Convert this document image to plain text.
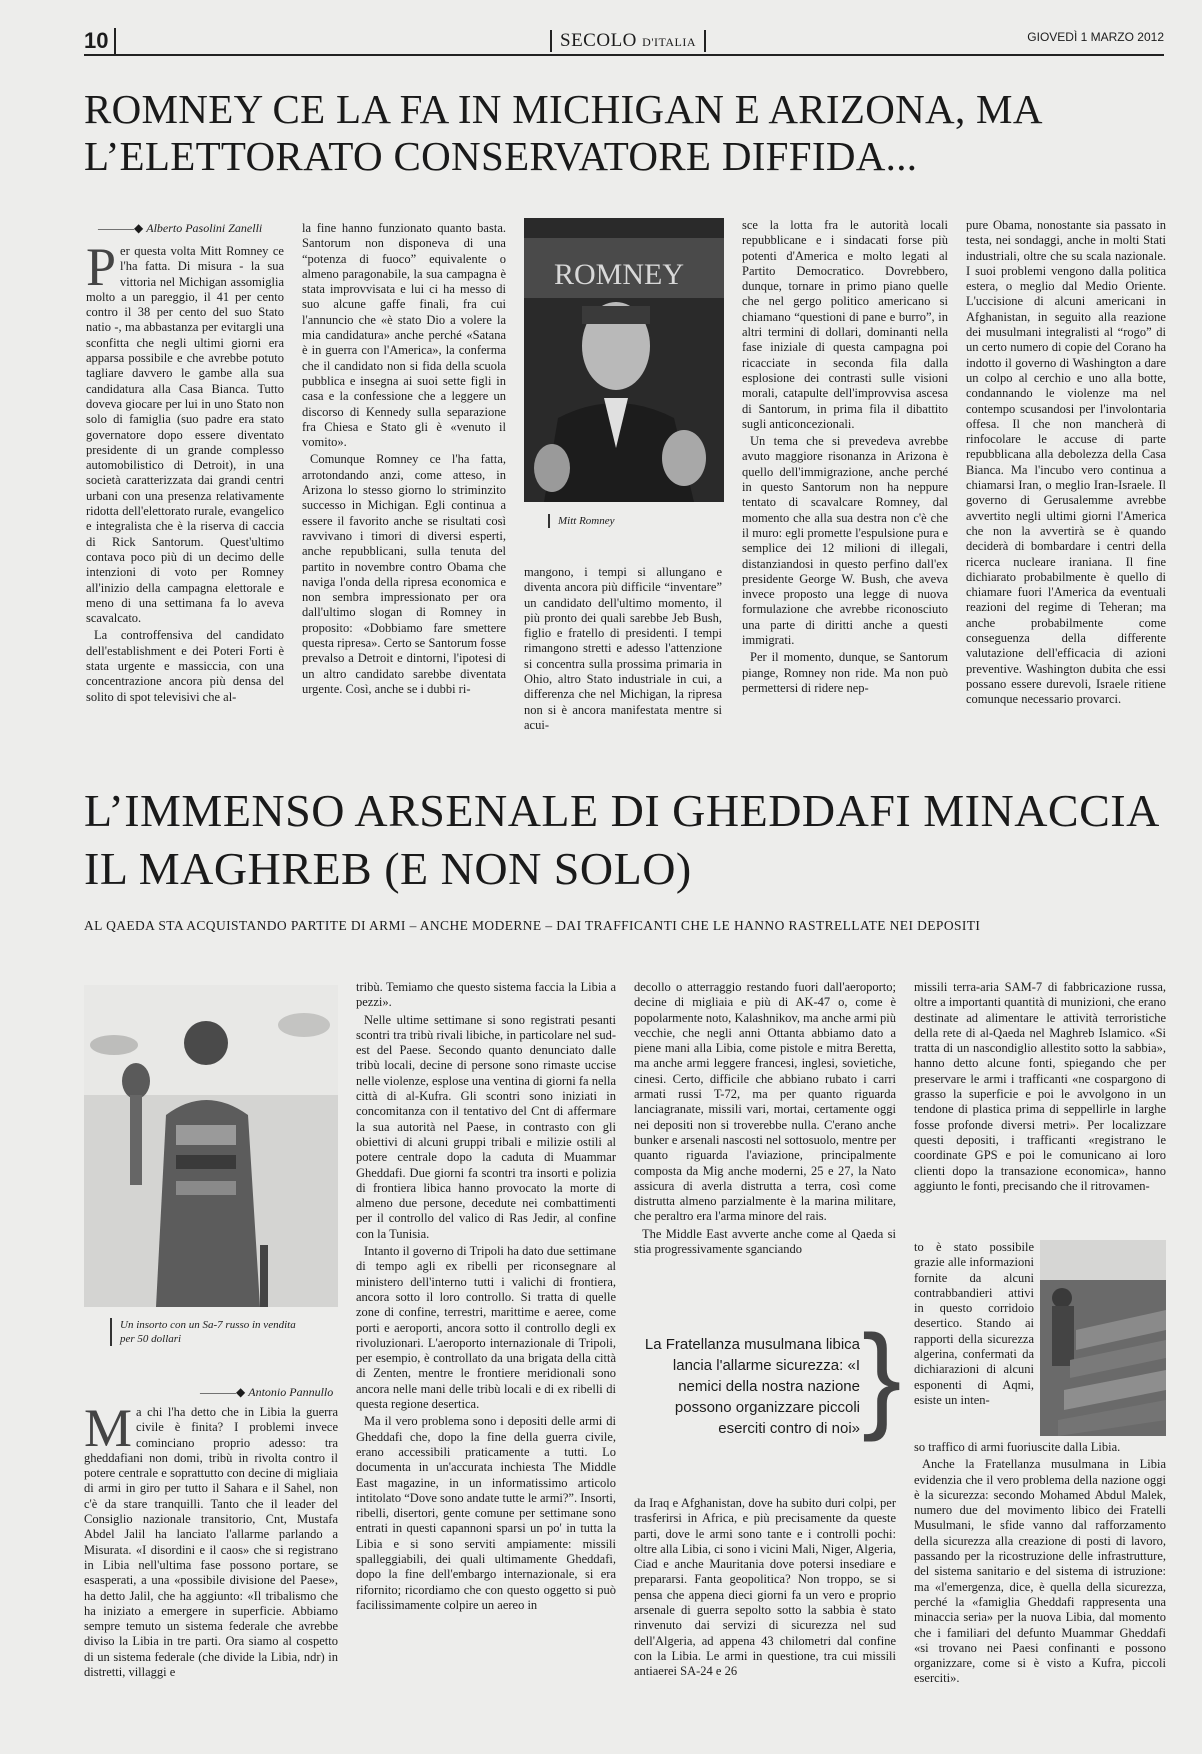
10	SECOLO D'ITALIA	GIOVEDÌ 1 MARZO 2012
ROMNEY CE LA FA IN MICHIGAN E ARIZONA, MA L’ELETTORATO CONSERVATORE DIFFIDA...
———◆ Alberto Pasolini Zanelli

Per questa volta Mitt Romney ce l'ha fatta. Di misura - la sua vittoria nel Michigan assomiglia molto a un pareggio, il 41 per cento contro il 38 per cento del suo Stato natio -, ma abbastanza per evitargli una sconfitta che negli ultimi giorni era apparsa possibile e che avrebbe potuto tagliare davvero le gambe alla sua candidatura alla Casa Bianca. Tutto doveva giocare per lui in uno Stato non solo di famiglia (suo padre era stato governatore dopo essere diventato presidente di un grande complesso automobilistico di Detroit), in una società caratterizzata dai grandi centri urbani con una presenza relativamente ridotta dell'elettorato rurale, evangelico e integralista che è la riserva di caccia di Rick Santorum. Quest'ultimo contava poco più di un decimo delle intenzioni di voto per Romney all'inizio della campagna elettorale e meno di una settimana fa lo aveva scavalcato.

La controffensiva del candidato dell'establishment e dei Poteri Forti è stata urgente e massiccia, con una concentrazione ancora più densa del solito di spot televisivi che al-

la fine hanno funzionato quanto basta. Santorum non disponeva di una “potenza di fuoco” equivalente o almeno paragonabile, la sua campagna è stata improvvisata e lui ci ha messo di suo alcune gaffe finali, fra cui l'annuncio che «è stato Dio a volere la mia candidatura» anche perché «Satana è in guerra con l'America», la conferma che il candidato non si fida della scuola pubblica e insegna ai suoi sette figli in casa e la confessione che a leggere un discorso di Kennedy sulla separazione fra Chiesa e Stato gli è «venuto il vomito».

Comunque Romney ce l'ha fatta, arrotondando anzi, come atteso, in Arizona lo stesso giorno lo striminzito successo in Michigan. Egli continua a essere il favorito anche se risultati così ravvivano i timori di diversi esperti, anche repubblicani, sulla tenuta del partito in novembre contro Obama che naviga l'onda della ripresa economica e non sembra impressionato per ora dall'ultimo slogan di Romney in proposito: «Dobbiamo fare smettere questa ripresa». Certo se Santorum fosse prevalso a Detroit e dintorni, l'ipotesi di un altro candidato sarebbe diventata urgente. Così, anche se i dubbi ri-

ROMNEY
Mitt Romney

mangono, i tempi si allungano e diventa ancora più difficile “inventare” un candidato dell'ultimo momento, il più pronto dei quali sarebbe Jeb Bush, figlio e fratello di presidenti. I tempi rimangono stretti e adesso l'attenzione si concentra sulla prossima primaria in Ohio, altro Stato industriale in cui, a differenza che nel Michigan, la ripresa non si è ancora manifestata mentre si acui-

sce la lotta fra le autorità locali repubblicane e i sindacati forse più potenti d'America e molto legati al Partito Democratico. Dovrebbero, dunque, tornare in primo piano quelle che nel gergo politico americano si chiamano “questioni di pane e burro”, in altri termini di dollari, dominanti nella fase iniziale di questa campagna poi ricacciate in seconda fila dalla esplosione dei contrasti sulle visioni morali, catapulte dell'improvvisa ascesa di Santorum, in prima fila il dibattito sugli anticoncezionali.

Un tema che si prevedeva avrebbe avuto maggiore risonanza in Arizona è quello dell'immigrazione, anche perché in questo Santorum non ha neppure tentato di scavalcare Romney, dal momento che alla sua destra non c'è che il muro: egli promette l'espulsione pura e semplice dei 12 milioni di illegali, distanziandosi in questo perfino dall'ex presidente George W. Bush, che aveva invece proposto una legge di nuova formulazione che avrebbe riconosciuto una parte di diritti anche a questi immigrati.

Per il momento, dunque, se Santorum piange, Romney non ride. Ma non può permettersi di ridere nep-

pure Obama, nonostante sia passato in testa, nei sondaggi, anche in molti Stati industriali, oltre che su scala nazionale. I suoi problemi vengono dalla politica estera, o meglio dal Medio Oriente. L'uccisione di alcuni americani in Afghanistan, in seguito alla reazione dei musulmani integralisti al “rogo” di un certo numero di copie del Corano ha indotto il governo di Washington a dare un colpo al cerchio e uno alla botte, condannando le violenze ma nel contempo scusandosi per l'involontaria offesa. Il che non mancherà di rinfocolare le accuse di parte repubblicana alla debolezza della Casa Bianca. Ma l'incubo vero continua a chiamarsi Iran, o meglio Iran-Israele. Il governo di Gerusalemme avrebbe avvertito negli ultimi giorni l'America che non la avvertirà se è quando deciderà di bombardare i centri della ricerca nucleare iraniana. Il fine dichiarato probabilmente è quello di chiamare fuori l'America da eventuali reazioni del regime di Teheran; ma anche probabilmente come conseguenza della differente valutazione dell'efficacia di azioni preventive. Washington dubita che essi possano essere durevoli, Israele ritiene comunque necessario provarci.

L’IMMENSO ARSENALE DI GHEDDAFI MINACCIA IL MAGHREB (E NON SOLO)
AL QAEDA STA ACQUISTANDO PARTITE DI ARMI – ANCHE MODERNE – DAI TRAFFICANTI CHE LE HANNO RASTRELLATE NEI DEPOSITI
Un insorto con un Sa-7 russo in vendita per 50 dollari
———◆ Antonio Pannullo

Ma chi l'ha detto che in Libia la guerra civile è finita? I problemi invece cominciano proprio adesso: tra gheddafiani non domi, tribù in rivolta contro il potere centrale e soprattutto con decine di migliaia di armi in giro per tutto il Sahara e il Sahel, non c'è da stare tranquilli. Tanto che il leader del Consiglio nazionale transitorio, Cnt, Mustafa Abdel Jalil ha lanciato l'allarme parlando a Misurata. «I disordini e il caos» che si registrano in Libia nell'ultima fase possono portare, se esasperati, a una «possibile divisione del Paese», ha detto Jalil, che ha aggiunto: «Il tribalismo che ha iniziato a emergere in superficie. Abbiamo sempre temuto un sistema federale che avrebbe diviso la Libia in tre parti. Ora siamo al cospetto di un sistema federale (che divide la Libia, ndr) in distretti, villaggi e

tribù. Temiamo che questo sistema faccia la Libia a pezzi».

Nelle ultime settimane si sono registrati pesanti scontri tra tribù rivali libiche, in particolare nel sud-est del Paese. Secondo quanto denunciato dalle tribù locali, decine di persone sono rimaste uccise nelle violenze, esplose una ventina di giorni fa nella città di al-Kufra. Gli scontri sono iniziati in concomitanza con il tentativo del Cnt di affermare la sua autorità nel Paese, in contrasto con gli obiettivi di alcuni gruppi tribali e milizie ostili al potere centrale dopo la caduta di Muammar Gheddafi. Due giorni fa scontri tra insorti e polizia di frontiera libica hanno provocato la morte di almeno due persone, decedute nei combattimenti per il controllo del valico di Ras Jedir, al confine con la Tunisia.

Intanto il governo di Tripoli ha dato due settimane di tempo agli ex ribelli per riconsegnare al ministero dell'interno tutti i valichi di frontiera, ancora sotto il loro controllo. Si tratta di quelle zone di confine, terrestri, marittime e aeree, come porti e aeroporti, ancora sotto il controllo degli ex rivoluzionari. L'aeroporto internazionale di Tripoli, per esempio, è controllato da una brigata della città di Zenten, mentre le frontiere meridionali sono ancora nelle mani delle tribù locali e di ex ribelli di questa regione desertica.

Ma il vero problema sono i depositi delle armi di Gheddafi che, dopo la fine della guerra civile, erano accessibili praticamente a tutti. Lo documenta in un'accurata inchiesta The Middle East magazine, in un informatissimo articolo intitolato “Dove sono andate tutte le armi?”. Insorti, ribelli, disertori, gente comune per settimane sono entrati in questi capannoni sparsi un po' in tutta la Libia e si sono serviti ampiamente: missili spalleggiabili, dei quali ultimamente Gheddafi, dopo la fine dell'embargo internazionale, si era rifornito; ricordiamo che con questo oggetto si può facilissimamente colpire un aereo in

decollo o atterraggio restando fuori dall'aeroporto; decine di migliaia e più di AK-47 o, come è popolarmente noto, Kalashnikov, ma anche armi più vecchie, che negli anni Ottanta abbiamo dato a piene mani alla Libia, come pistole e mitra Beretta, ma anche armi leggere francesi, inglesi, sovietiche, cinesi. Certo, difficile che abbiano rubato i carri armati russi T-72, ma per quanto riguarda lanciagranate, missili vari, mortai, certamente oggi nei depositi non si troverebbe nulla. C'erano anche bunker e arsenali nascosti nel sottosuolo, mentre per quanto riguarda l'aviazione, principalmente composta da Mig anche moderni, 25 e 27, la Nato assicura di averla distrutta a terra, così come distrutta almeno parzialmente è la marina militare, che peraltro era l'arma minore del rais.

The Middle East avverte anche come al Qaeda si stia progressivamente sganciando

La Fratellanza musulmana libica lancia l'allarme sicurezza: «I nemici della nostra nazione possono organizzare piccoli eserciti contro di noi» }

da Iraq e Afghanistan, dove ha subito duri colpi, per trasferirsi in Africa, e più precisamente da queste parti, dove le armi sono tante e i controlli pochi: oltre alla Libia, ci sono i vicini Mali, Niger, Algeria, Ciad e anche Mauritania dove potersi insediare e prepararsi. Fanta geopolitica? Non troppo, se si pensa che appena dieci giorni fa un vero e proprio arsenale di guerra sepolto sotto la sabbia è stato rinvenuto dai servizi di sicurezza nel sud dell'Algeria, ad appena 43 chilometri dal confine con la Libia. Le armi in questione, tra cui missili antiaerei SA-24 e 26

missili terra-aria SAM-7 di fabbricazione russa, oltre a importanti quantità di munizioni, che erano destinate ad alimentare le attività terroristiche della rete di al-Qaeda nel Maghreb Islamico. «Si tratta di un nascondiglio allestito sotto la sabbia», hanno detto alcune fonti, spiegando che per preservare le armi i trafficanti «ne cospargono di grasso la superficie e poi le avvolgono in un tendone di plastica prima di seppellirle in larghe fosse profonde diversi metri». Per localizzare questi depositi, i trafficanti «registrano le coordinate GPS e poi le comunicano ai loro clienti dopo la transazione economica», hanno aggiunto le fonti, precisando che il ritrovamen-

to è stato possibile grazie alle informazioni fornite da alcuni contrabbandieri attivi in questo corridoio desertico. Stando ai rapporti della sicurezza algerina, confermati da dichiarazioni di alcuni esponenti di Aqmi, esiste un inten-

so traffico di armi fuoriuscite dalla Libia.

Anche la Fratellanza musulmana in Libia evidenzia che il vero problema della nazione oggi è la sicurezza: secondo Mohamed Abdul Malek, numero due del movimento libico dei Fratelli Musulmani, le sfide vanno dal rafforzamento della sicurezza alla creazione di posti di lavoro, passando per la ricostruzione delle infrastrutture, del sistema sanitario e del sistema di istruzione: ma «l'emergenza, dice, è quella della sicurezza, perché la «famiglia Gheddafi rappresenta una minaccia seria» per la nuova Libia, dal momento che i familiari del defunto Muammar Gheddafi «si trovano nei Paesi confinanti e possono organizzare, come si è visto a Kufra, piccoli eserciti».
